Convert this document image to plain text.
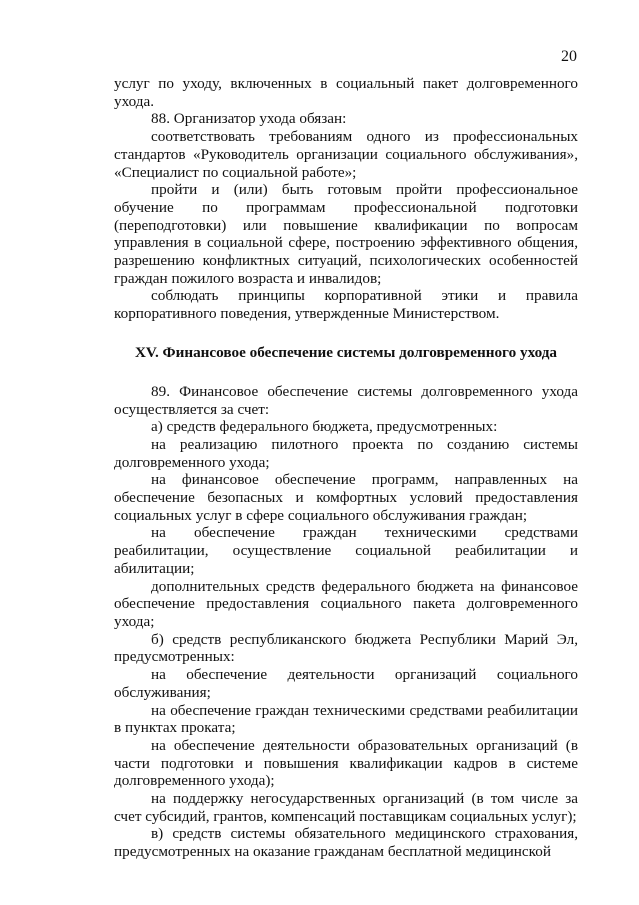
20

услуг по уходу, включенных в социальный пакет долговременного ухода.

88. Организатор ухода обязан:

соответствовать требованиям одного из профессиональных стандартов «Руководитель организации социального обслуживания», «Специалист по социальной работе»;

пройти и (или) быть готовым пройти профессиональное обучение по программам профессиональной подготовки (переподготовки) или повышение квалификации по вопросам управления в социальной сфере, построению эффективного общения, разрешению конфликтных ситуаций, психологических особенностей граждан пожилого возраста и инвалидов;

соблюдать принципы корпоративной этики и правила корпоративного поведения, утвержденные Министерством.

XV. Финансовое обеспечение системы долговременного ухода

89. Финансовое обеспечение системы долговременного ухода осуществляется за счет:

а) средств федерального бюджета, предусмотренных:

на реализацию пилотного проекта по созданию системы долговременного ухода;

на финансовое обеспечение программ, направленных на обеспечение безопасных и комфортных условий предоставления социальных услуг в сфере социального обслуживания граждан;

на обеспечение граждан техническими средствами реабилитации, осуществление социальной реабилитации и абилитации;

дополнительных средств федерального бюджета на финансовое обеспечение предоставления социального пакета долговременного ухода;

б) средств республиканского бюджета Республики Марий Эл, предусмотренных:

на обеспечение деятельности организаций социального обслуживания;

на обеспечение граждан техническими средствами реабилитации в пунктах проката;

на обеспечение деятельности образовательных организаций (в части подготовки и повышения квалификации кадров в системе долговременного ухода);

на поддержку негосударственных организаций (в том числе за счет субсидий, грантов, компенсаций поставщикам социальных услуг);

в) средств системы обязательного медицинского страхования, предусмотренных на оказание гражданам бесплатной медицинской
